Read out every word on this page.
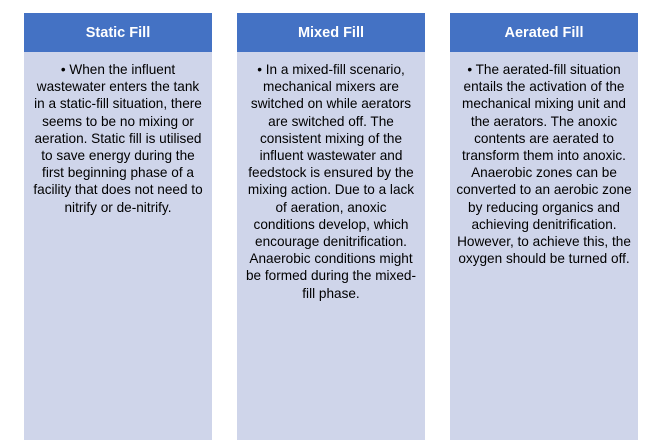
Static Fill
• When the influent wastewater enters the tank in a static-fill situation, there seems to be no mixing or aeration. Static fill is utilised to save energy during the first beginning phase of a facility that does not need to nitrify or de-nitrify.
Mixed Fill
• In a mixed-fill scenario, mechanical mixers are switched on while aerators are switched off. The consistent mixing of the influent wastewater and feedstock is ensured by the mixing action. Due to a lack of aeration, anoxic conditions develop, which encourage denitrification. Anaerobic conditions might be formed during the mixed-fill phase.
Aerated Fill
• The aerated-fill situation entails the activation of the mechanical mixing unit and the aerators. The anoxic contents are aerated to transform them into anoxic. Anaerobic zones can be converted to an aerobic zone by reducing organics and achieving denitrification. However, to achieve this, the oxygen should be turned off.
